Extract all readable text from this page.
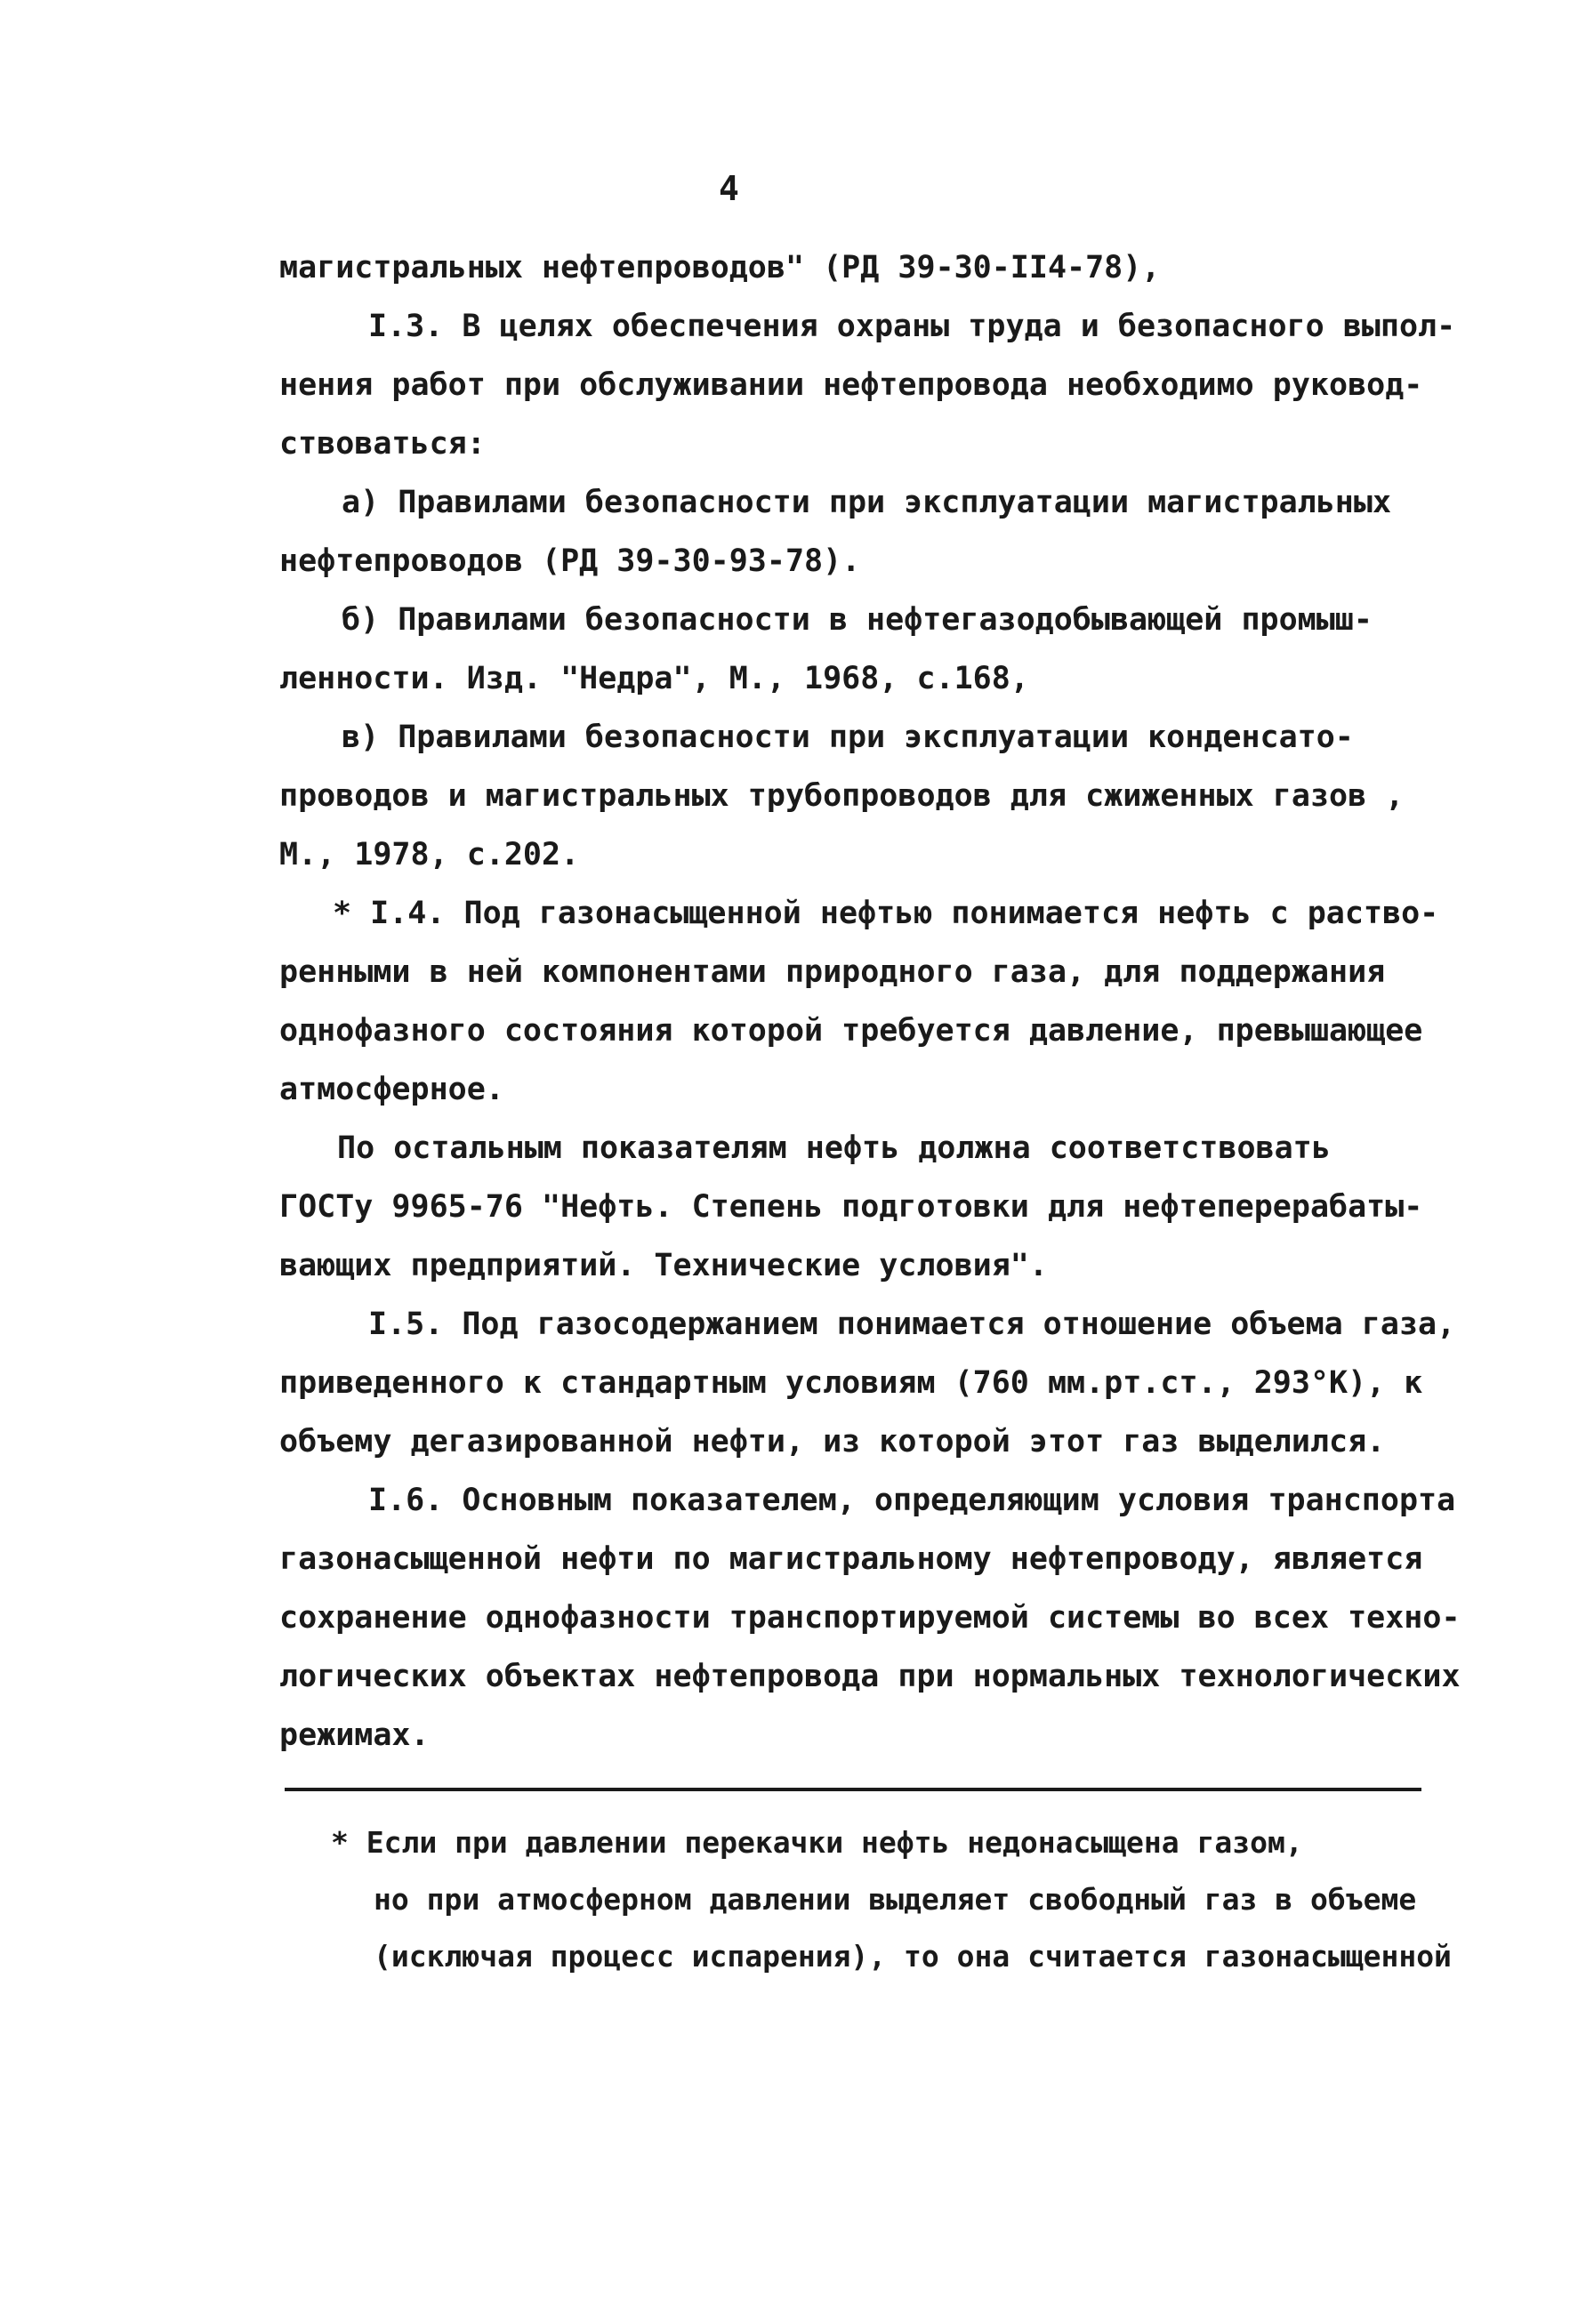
4
магистральных нефтепроводов" (РД 39-30-II4-78),
I.3. В целях обеспечения охраны труда и безопасного выпол-
нения работ при обслуживании нефтепровода необходимо руковод-
ствоваться:
а) Правилами безопасности при эксплуатации магистральных
нефтепроводов (РД 39-30-93-78).
б) Правилами безопасности в нефтегазодобывающей промыш-
ленности. Изд. "Недра", М., 1968, с.168,
в) Правилами безопасности при эксплуатации конденсато-
проводов и магистральных трубопроводов для сжиженных газов ,
М., 1978, с.202.
* I.4. Под газонасыщенной нефтью понимается нефть с раство-
ренными в ней компонентами природного газа, для поддержания
однофазного состояния которой требуется давление, превышающее
атмосферное.
По остальным показателям нефть должна соответствовать
ГОСТу 9965-76 "Нефть. Степень подготовки для нефтеперерабаты-
вающих предприятий. Технические условия".
I.5. Под газосодержанием понимается отношение объема газа,
приведенного к стандартным условиям (760 мм.рт.ст., 293°К), к
объему дегазированной нефти, из которой этот газ выделился.
I.6. Основным показателем, определяющим условия транспорта
газонасыщенной нефти по магистральному нефтепроводу, является
сохранение однофазности транспортируемой системы во всех техно-
логических объектах нефтепровода при нормальных технологических
режимах.
* Если при давлении перекачки нефть недонасыщена газом,
но при атмосферном давлении выделяет свободный газ в объеме
(исключая процесс испарения), то она считается газонасыщенной
